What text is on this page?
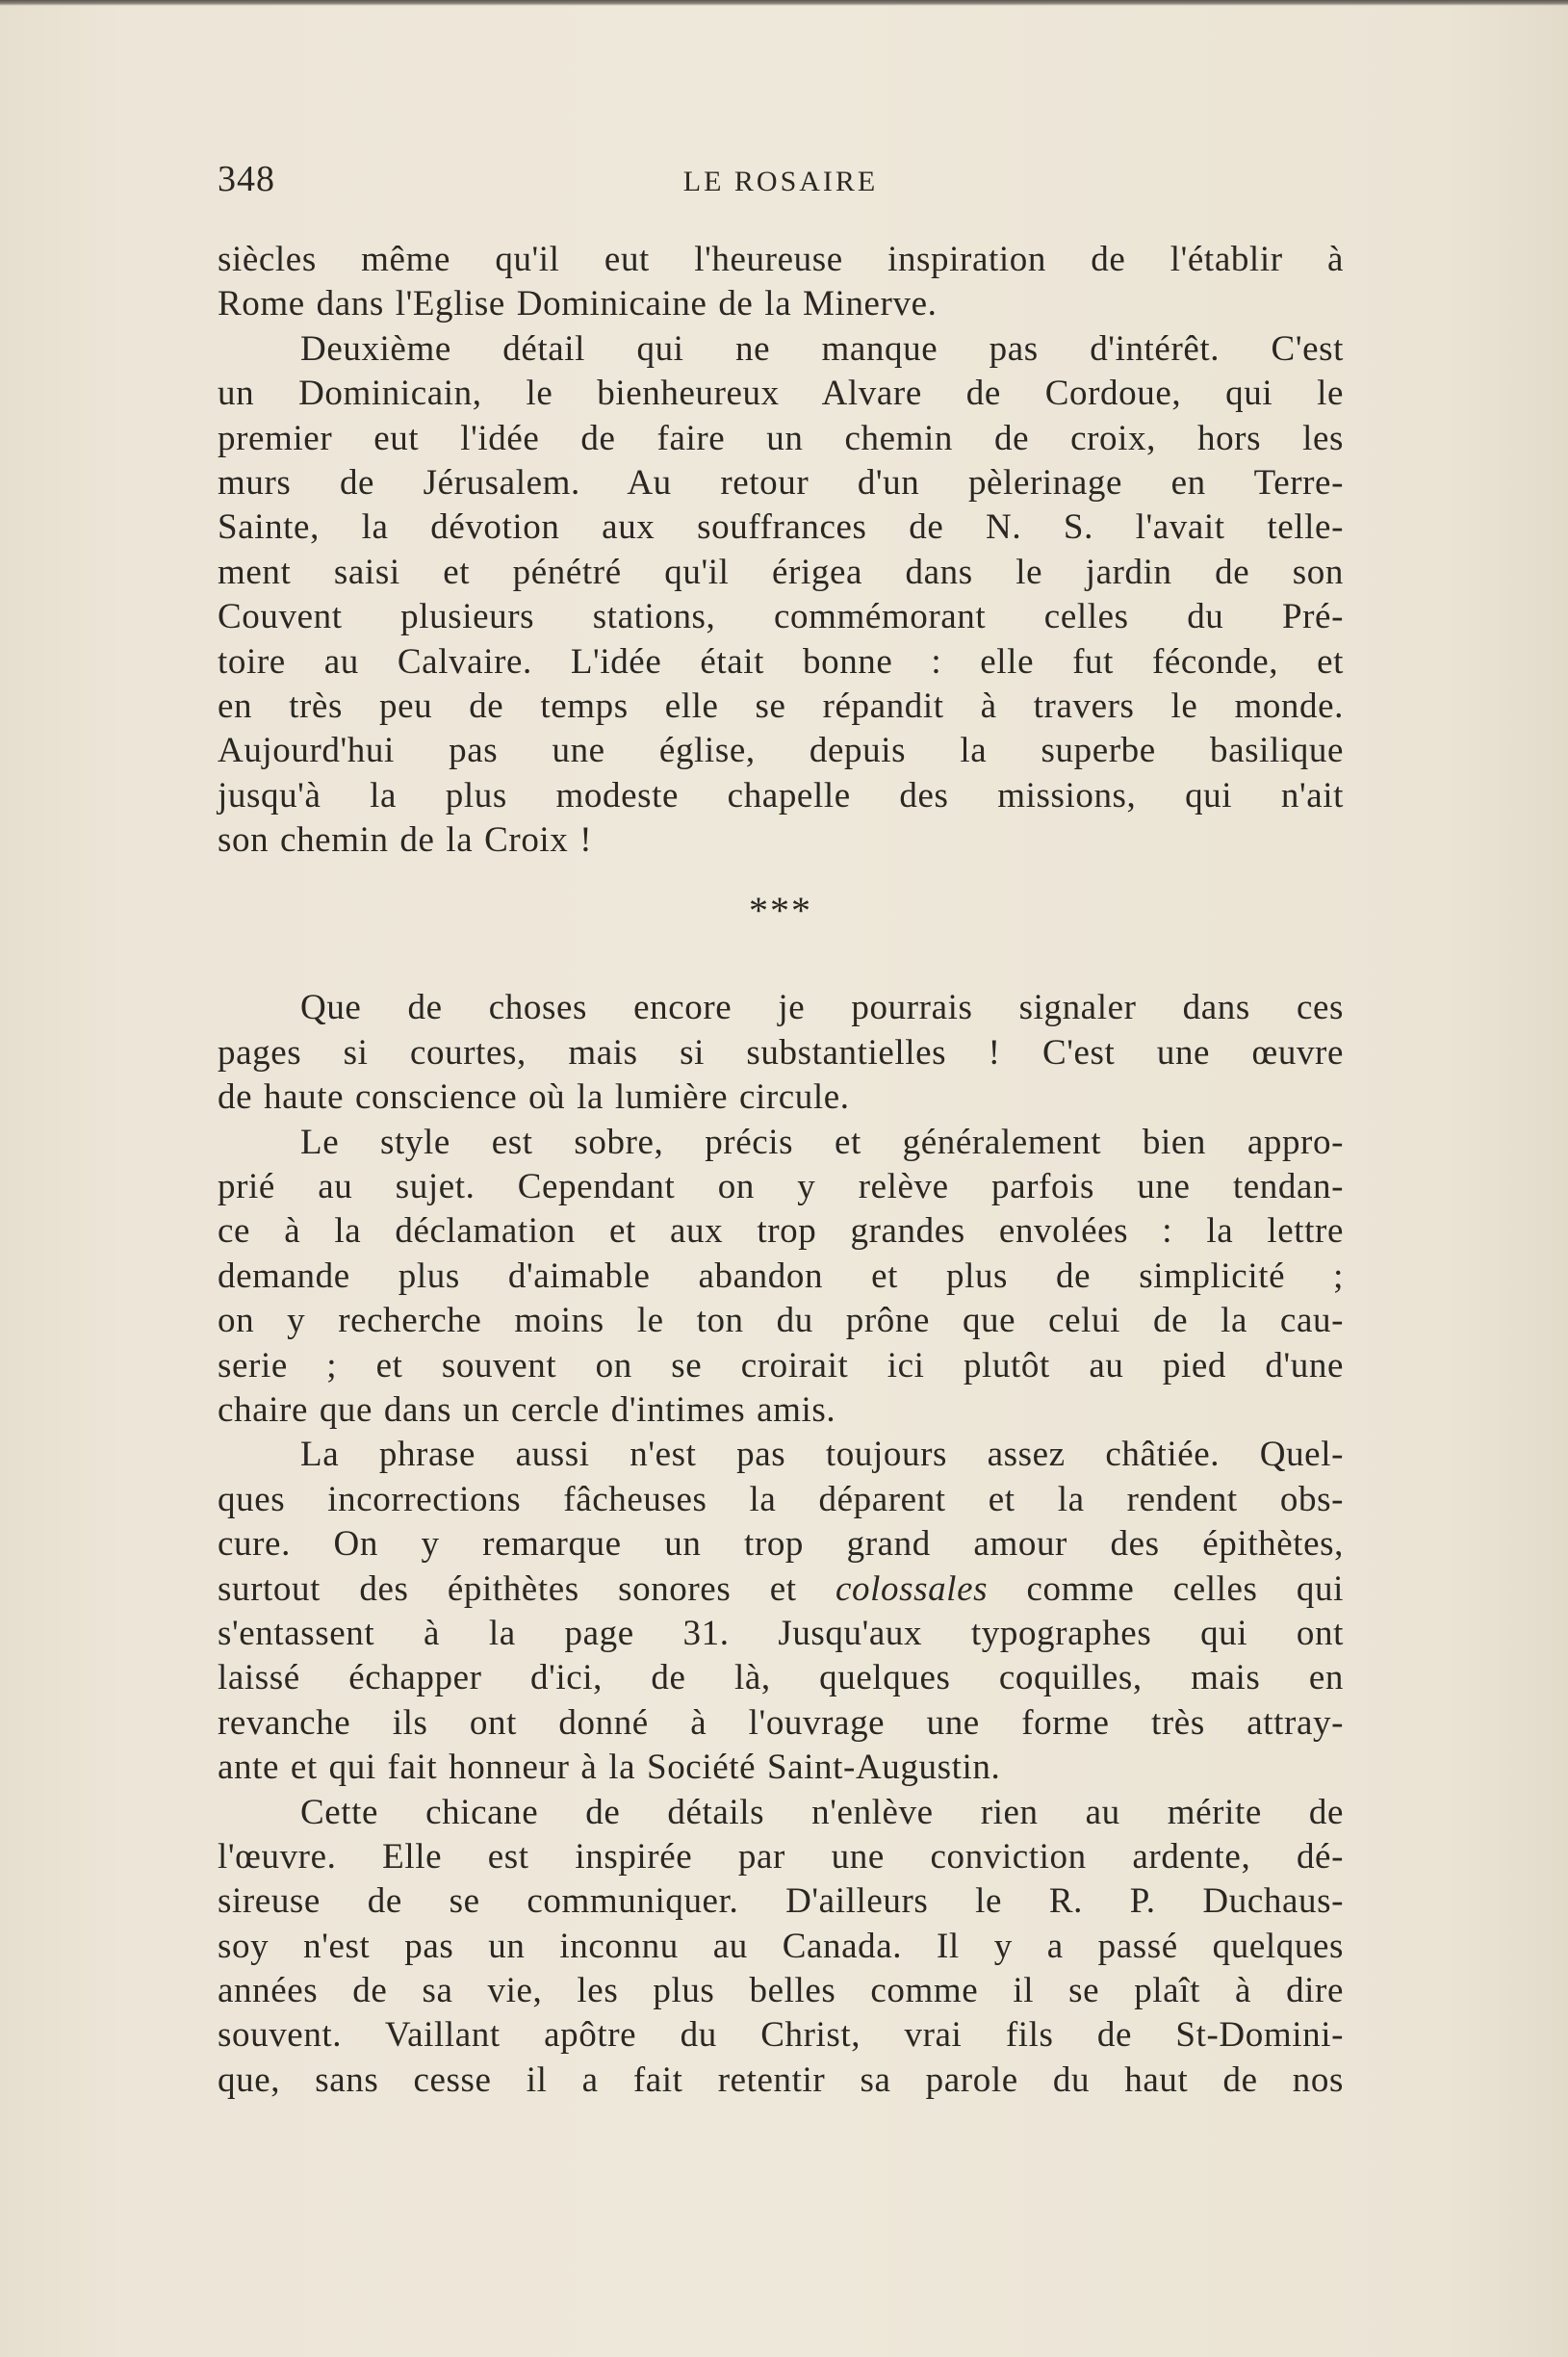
348	LE ROSAIRE
siècles même qu'il eut l'heureuse inspiration de l'établir à
Rome dans l'Eglise Dominicaine de la Minerve.
Deuxième détail qui ne manque pas d'intérêt. C'est
un Dominicain, le bienheureux Alvare de Cordoue, qui le
premier eut l'idée de faire un chemin de croix, hors les
murs de Jérusalem. Au retour d'un pèlerinage en Terre-
Sainte, la dévotion aux souffrances de N. S. l'avait telle-
ment saisi et pénétré qu'il érigea dans le jardin de son
Couvent plusieurs stations, commémorant celles du Pré-
toire au Calvaire. L'idée était bonne : elle fut féconde, et
en très peu de temps elle se répandit à travers le monde.
Aujourd'hui pas une église, depuis la superbe basilique
jusqu'à la plus modeste chapelle des missions, qui n'ait
son chemin de la Croix !
***
Que de choses encore je pourrais signaler dans ces
pages si courtes, mais si substantielles ! C'est une œuvre
de haute conscience où la lumière circule.
Le style est sobre, précis et généralement bien appro-
prié au sujet. Cependant on y relève parfois une tendan-
ce à la déclamation et aux trop grandes envolées : la lettre
demande plus d'aimable abandon et plus de simplicité ;
on y recherche moins le ton du prône que celui de la cau-
serie ; et souvent on se croirait ici plutôt au pied d'une
chaire que dans un cercle d'intimes amis.
La phrase aussi n'est pas toujours assez châtiée. Quel-
ques incorrections fâcheuses la déparent et la rendent obs-
cure. On y remarque un trop grand amour des épithètes,
surtout des épithètes sonores et colossales comme celles qui
s'entassent à la page 31. Jusqu'aux typographes qui ont
laissé échapper d'ici, de là, quelques coquilles, mais en
revanche ils ont donné à l'ouvrage une forme très attray-
ante et qui fait honneur à la Société Saint-Augustin.
Cette chicane de détails n'enlève rien au mérite de
l'œuvre. Elle est inspirée par une conviction ardente, dé-
sireuse de se communiquer. D'ailleurs le R. P. Duchaus-
soy n'est pas un inconnu au Canada. Il y a passé quelques
années de sa vie, les plus belles comme il se plaît à dire
souvent. Vaillant apôtre du Christ, vrai fils de St-Domini-
que, sans cesse il a fait retentir sa parole du haut de nos
